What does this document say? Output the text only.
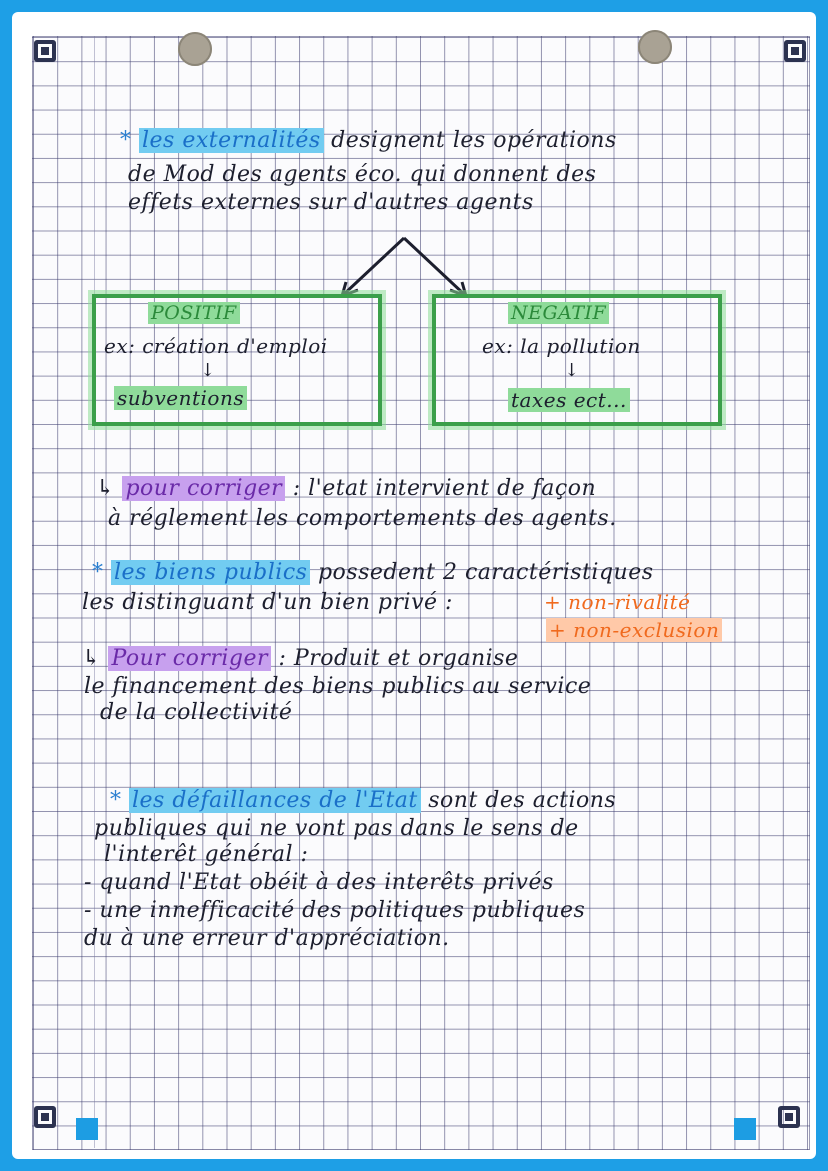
* les externalités designent les opérations
de Mod des agents éco. qui donnent des
effets externes sur d'autres agents
POSITIF
ex: création d'emploi
↓
subventions
NEGATIF
ex: la pollution
↓
taxes ect...
↳ pour corriger : l'etat intervient de façon
à réglement les comportements des agents.
* les biens publics possedent 2 caractéristiques
les distinguant d'un bien privé :	+ non-rivalité
+ non-exclusion
↳ Pour corriger : Produit et organise
le financement des biens publics au service
de la collectivité
* les défaillances de l'Etat sont des actions
publiques qui ne vont pas dans le sens de
l'interêt général :
- quand l'Etat obéit à des interêts privés
- une innefficacité des politiques publiques
du à une erreur d'appréciation.
